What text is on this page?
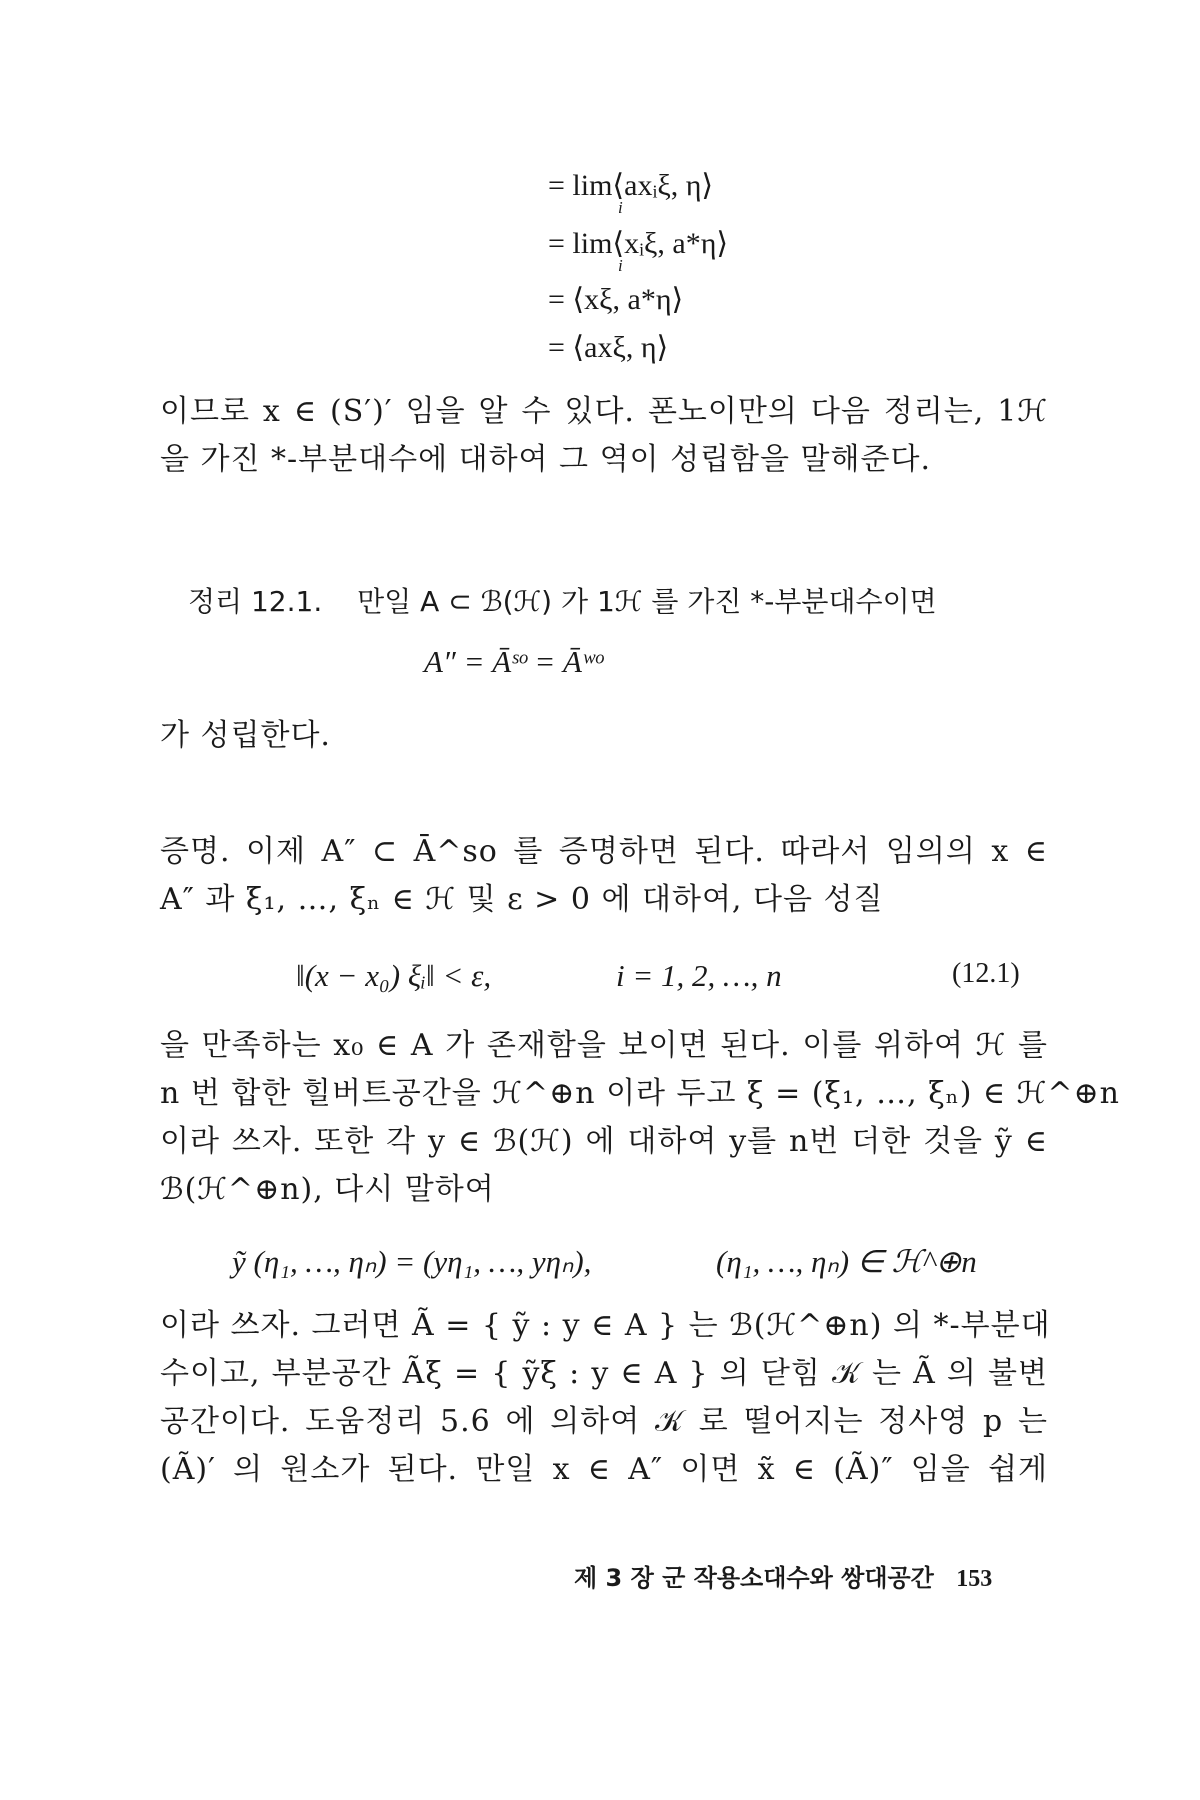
= lim⟨axᵢξ, η⟩
i
= lim⟨xᵢξ, a*η⟩
i
= ⟨xξ, a*η⟩
= ⟨axξ, η⟩
이므로 x ∈ (S′)′ 임을 알 수 있다. 폰노이만의 다음 정리는, 1ℋ
을 가진 *-부분대수에 대하여 그 역이 성립함을 말해준다.
정리 12.1. 만일 A ⊂ ℬ(ℋ) 가 1ℋ 를 가진 *-부분대수이면
A″ = Āˢᵒ = Āʷᵒ
가 성립한다.
증명. 이제 A″ ⊂ Ā^so 를 증명하면 된다. 따라서 임의의 x ∈
A″ 과 ξ₁, …, ξₙ ∈ ℋ 및 ε > 0 에 대하여, 다음 성질
‖(x − x₀) ξᵢ‖ < ε,	i = 1, 2, …, n	(12.1)
을 만족하는 x₀ ∈ A 가 존재함을 보이면 된다. 이를 위하여 ℋ 를
n 번 합한 힐버트공간을 ℋ^⊕n 이라 두고 ξ = (ξ₁, …, ξₙ) ∈ ℋ^⊕n
이라 쓰자. 또한 각 y ∈ ℬ(ℋ) 에 대하여 y를 n번 더한 것을 ỹ ∈
ℬ(ℋ^⊕n), 다시 말하여
ỹ (η₁, …, ηₙ) = (yη₁, …, yηₙ),	(η₁, …, ηₙ) ∈ ℋ^⊕n
이라 쓰자. 그러면 Ã = { ỹ : y ∈ A } 는 ℬ(ℋ^⊕n) 의 *-부분대
수이고, 부분공간 Ãξ = { ỹξ : y ∈ A } 의 닫힘 𝒦 는 Ã 의 불변
공간이다. 도움정리 5.6 에 의하여 𝒦 로 떨어지는 정사영 p 는
(Ã)′ 의 원소가 된다. 만일 x ∈ A″ 이면 x̃ ∈ (Ã)″ 임을 쉽게
제 3 장 군 작용소대수와 쌍대공간 153
